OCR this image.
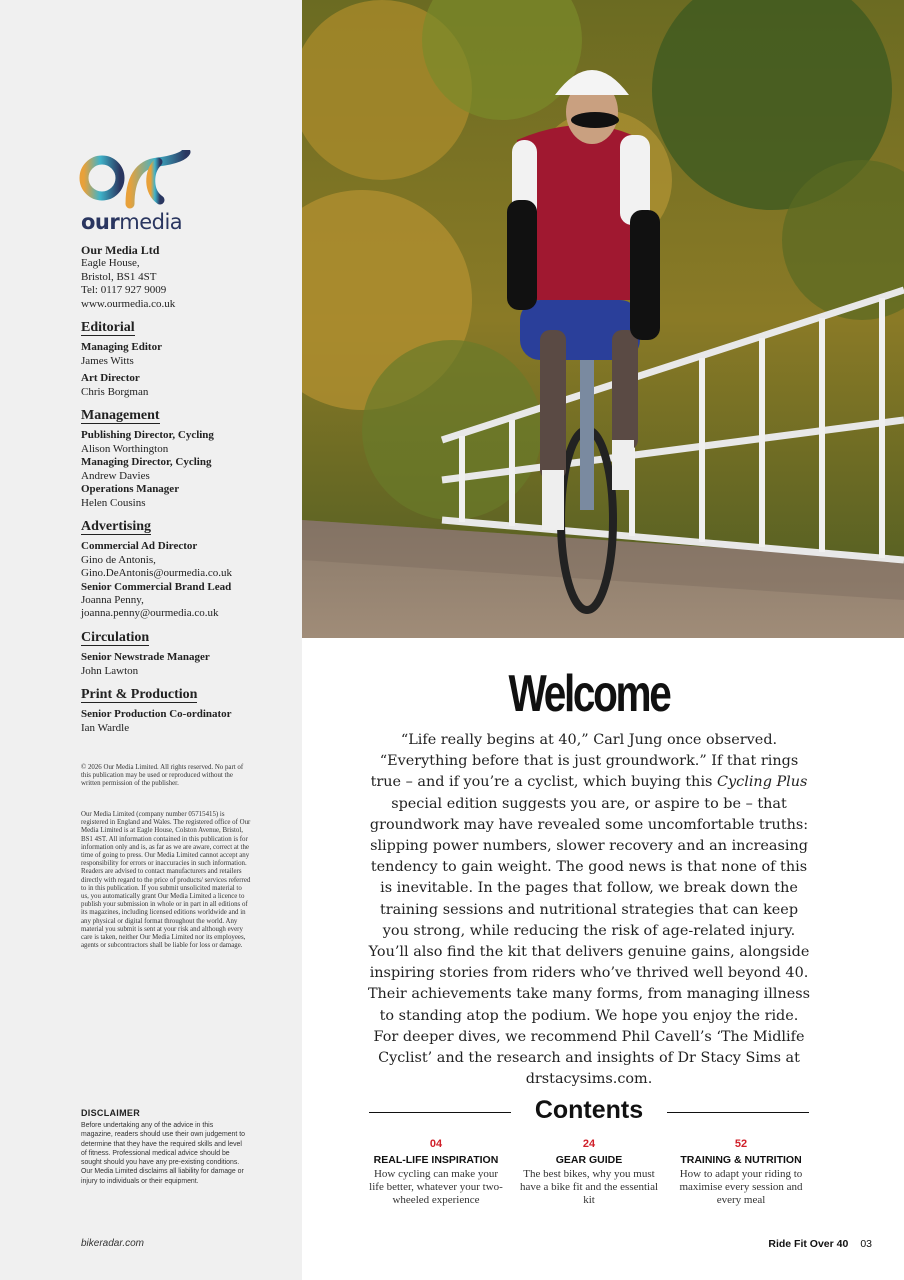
ourmedia
Our Media Ltd
Eagle House,
Bristol, BS1 4ST
Tel: 0117 927 9009
www.ourmedia.co.uk
Editorial
Managing Editor
James Witts
Art Director
Chris Borgman
Management
Publishing Director, Cycling
Alison Worthington
Managing Director, Cycling
Andrew Davies
Operations Manager
Helen Cousins
Advertising
Commercial Ad Director
Gino de Antonis,
Gino.DeAntonis@ourmedia.co.uk
Senior Commercial Brand Lead
Joanna Penny,
joanna.penny@ourmedia.co.uk
Circulation
Senior Newstrade Manager
John Lawton
Print & Production
Senior Production Co-ordinator
Ian Wardle
© 2026 Our Media Limited. All rights reserved. No part of this publication may be used or reproduced without the written permission of the publisher.
Our Media Limited (company number 05715415) is registered in England and Wales. The registered office of Our Media Limited is at Eagle House, Colston Avenue, Bristol, BS1 4ST. All information contained in this publication is for information only and is, as far as we are aware, correct at the time of going to press. Our Media Limited cannot accept any responsibility for errors or inaccuracies in such information. Readers are advised to contact manufacturers and retailers directly with regard to the price of products/ services referred to in this publication. If you submit unsolicited material to us, you automatically grant Our Media Limited a licence to publish your submission in whole or in part in all editions of its magazines, including licensed editions worldwide and in any physical or digital format throughout the world. Any material you submit is sent at your risk and although every care is taken, neither Our Media Limited nor its employees, agents or subcontractors shall be liable for loss or damage.
DISCLAIMER
Before undertaking any of the advice in this magazine, readers should use their own judgement to determine that they have the required skills and level of fitness. Professional medical advice should be sought should you have any pre-existing conditions. Our Media Limited disclaims all liability for damage or injury to individuals or their equipment.
bikeradar.com
Welcome
“Life really begins at 40,” Carl Jung once observed. “Everything before that is just groundwork.” If that rings true – and if you’re a cyclist, which buying this Cycling Plus special edition suggests you are, or aspire to be – that groundwork may have revealed some uncomfortable truths: slipping power numbers, slower recovery and an increasing tendency to gain weight. The good news is that none of this is inevitable. In the pages that follow, we break down the training sessions and nutritional strategies that can keep you strong, while reducing the risk of age-related injury. You’ll also find the kit that delivers genuine gains, alongside inspiring stories from riders who’ve thrived well beyond 40. Their achievements take many forms, from managing illness to standing atop the podium. We hope you enjoy the ride. For deeper dives, we recommend Phil Cavell’s ‘The Midlife Cyclist’ and the research and insights of Dr Stacy Sims at drstacysims.com.
Contents
04
REAL-LIFE INSPIRATION
How cycling can make your life better, whatever your two-wheeled experience
24
GEAR GUIDE
The best bikes, why you must have a bike fit and the essential kit
52
TRAINING & NUTRITION
How to adapt your riding to maximise every session and every meal
Ride Fit Over 40 03
